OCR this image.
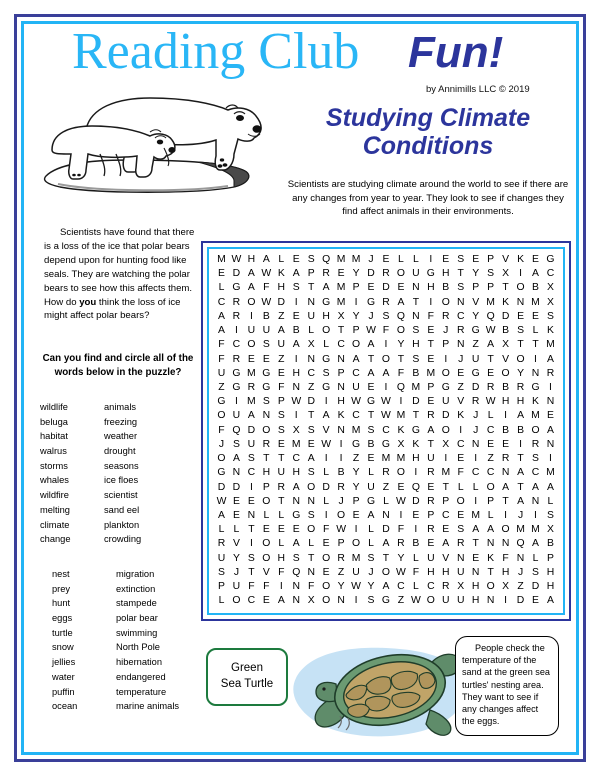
Reading Club Fun!
by Annimills LLC © 2019
Studying Climate Conditions
Scientists are studying climate around the world to see if there are any changes from year to year. They look to see if changes they find affect animals in their environments.
Scientists have found that there is a loss of the ice that polar bears depend upon for hunting food like seals. They are watching the polar bears to see how this affects them. How do you think the loss of ice might affect polar bears?
Can you find and circle all of the words below in the puzzle?
wildlife	animals
beluga	freezing
habitat	weather
walrus	drought
storms	seasons
whales	ice floes
wildfire	scientist
melting	sand eel
climate	plankton
change	crowding
nest	migration
prey	extinction
hunt	stampede
eggs	polar bear
turtle	swimming
snow	North Pole
jellies	hibernation
water	endangered
puffin	temperature
ocean	marine animals
M W H A L E S Q M M J E L L	I E S E P V K E G
E D A W K A P R E Y D R O U G H T Y S X I A C
L G A F H S T A M P E D E N H B S P P T O B X
C R O W D I N G M I G R A T I O N V M K N M X
A R I B Z E U H X Y J S Q N F R C Y Q D E E S
A I U U A B L O T P W F O S E J R G W B S L K
F C O S U A X L C O A I Y H T P N Z A X T T M
F R E E Z I N G N A T O T S E I	J U T V O I A
U G M G E H C S P C A A F B M O E G E O Y N R
Z G R G F N Z G N U E I Q M P G Z D R B R G I
G I M S P W D I H W G W I D E U V R W H H K N
O U A N S I T A K C T W M T R D K J L	I A M E
F Q D O S X S V N M S C K G A O I	J C B B O A
J S U R E M E W I G B G X K T X C N E E I R N
O A S T T C A I	I Z E M M H U I E I Z R T S I
G N C H U H S L B Y L R O I R M F C C N A C M
D D I P R A O D R Y U Z E Q E T L L O A T A A
W E E O T N N L J P G L W D R P O I P T A N L
A E N L L G S I O E A N I E P C E M L	I	J	I S
L L T E E E O F W I	L D F I R E S A A O M M X
R V I O L A L E P O L A R B E A R T N N Q A B
U Y S O H S T O R M S T Y L U V N E K F N L P
S J T V F Q N E Z U J O W F H H U N T H J S H
P U F F I N F O Y W Y A C L C R X H O X Z D H
L O C E A N X O N I S G Z W O U U H N I D E A
Green
Sea Turtle
People check the temperature of the sand at the green sea turtles' nesting area. They want to see if any changes affect the eggs.
